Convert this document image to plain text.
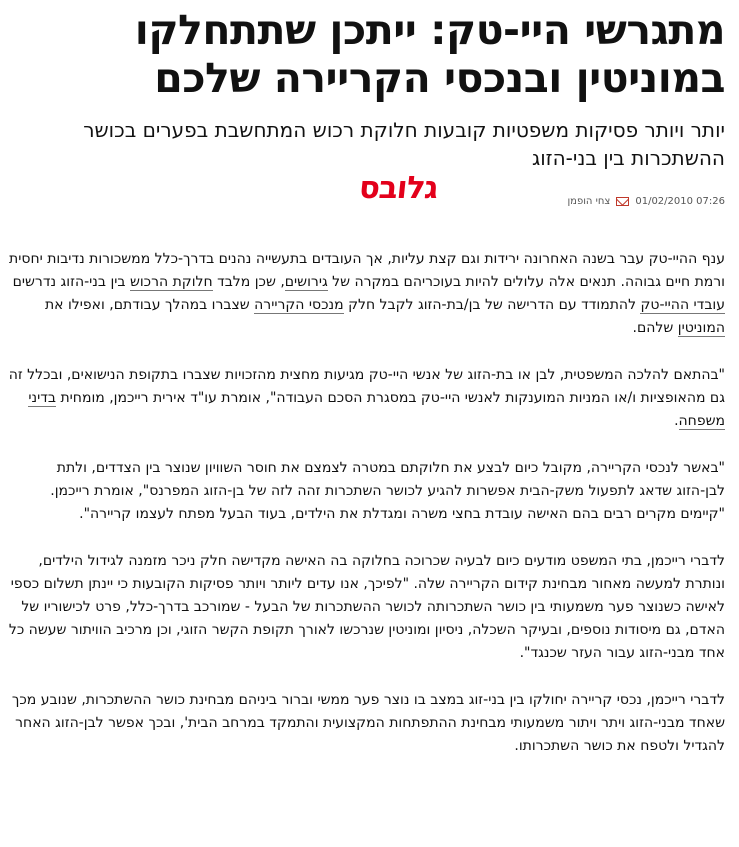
מתגרשי היי-טק: ייתכן שתתחלקו במוניטין ובנכסי הקריירה שלכם
יותר ויותר פסיקות משפטיות קובעות חלוקת רכוש המתחשבת בפערים בכושר ההשתכרות בין בני-הזוג
07:26 01/02/2010
צחי הופמן
גלובס

ענף ההיי-טק עבר בשנה האחרונה ירידות וגם קצת עליות, אך העובדים בתעשייה נהנים בדרך-כלל ממשכורות נדיבות יחסית ורמת חיים גבוהה. תנאים אלה עלולים להיות בעוכריהם במקרה של גירושים, שכן מלבד חלוקת הרכוש בין בני-הזוג נדרשים עובדי ההיי-טק להתמודד עם הדרישה של בן/בת-הזוג לקבל חלק מנכסי הקריירה שצברו במהלך עבודתם, ואפילו את המוניטין שלהם.

"בהתאם להלכה המשפטית, לבן או בת-הזוג של אנשי היי-טק מגיעות מחצית מהזכויות שצברו בתקופת הנישואים, ובכלל זה גם מהאופציות ו/או המניות המוענקות לאנשי היי-טק במסגרת הסכם העבודה", אומרת עו"ד אירית רייכמן, מומחית בדיני משפחה.

"באשר לנכסי הקריירה, מקובל כיום לבצע את חלוקתם במטרה לצמצם את חוסר השוויון שנוצר בין הצדדים, ולתת לבן-הזוג שדאג לתפעול משק-הבית אפשרות להגיע לכושר השתכרות זהה לזה של בן-הזוג המפרנס", אומרת רייכמן. "קיימים מקרים רבים בהם האישה עובדת בחצי משרה ומגדלת את הילדים, בעוד הבעל מפתח לעצמו קריירה".

לדברי רייכמן, בתי המשפט מודעים כיום לבעיה שכרוכה בחלוקה בה האישה מקדישה חלק ניכר מזמנה לגידול הילדים, ונותרת למעשה מאחור מבחינת קידום הקריירה שלה. "לפיכך, אנו עדים ליותר ויותר פסיקות הקובעות כי יינתן תשלום כספי לאישה כשנוצר פער משמעותי בין כושר השתכרותה לכושר ההשתכרות של הבעל - שמורכב בדרך-כלל, פרט לכישוריו של האדם, גם מיסודות נוספים, ובעיקר השכלה, ניסיון ומוניטין שנרכשו לאורך תקופת הקשר הזוגי, וכן מרכיב הוויתור שעשה כל אחד מבני-הזוג עבור העזר שכנגד".

לדברי רייכמן, נכסי קריירה יחולקו בין בני-זוג במצב בו נוצר פער ממשי וברור ביניהם מבחינת כושר ההשתכרות, שנובע מכך שאחד מבני-הזוג ויתר ויתור משמעותי מבחינת ההתפתחות המקצועית והתמקד במרחב הבית', ובכך אפשר לבן-הזוג האחר להגדיל ולטפח את כושר השתכרותו.
